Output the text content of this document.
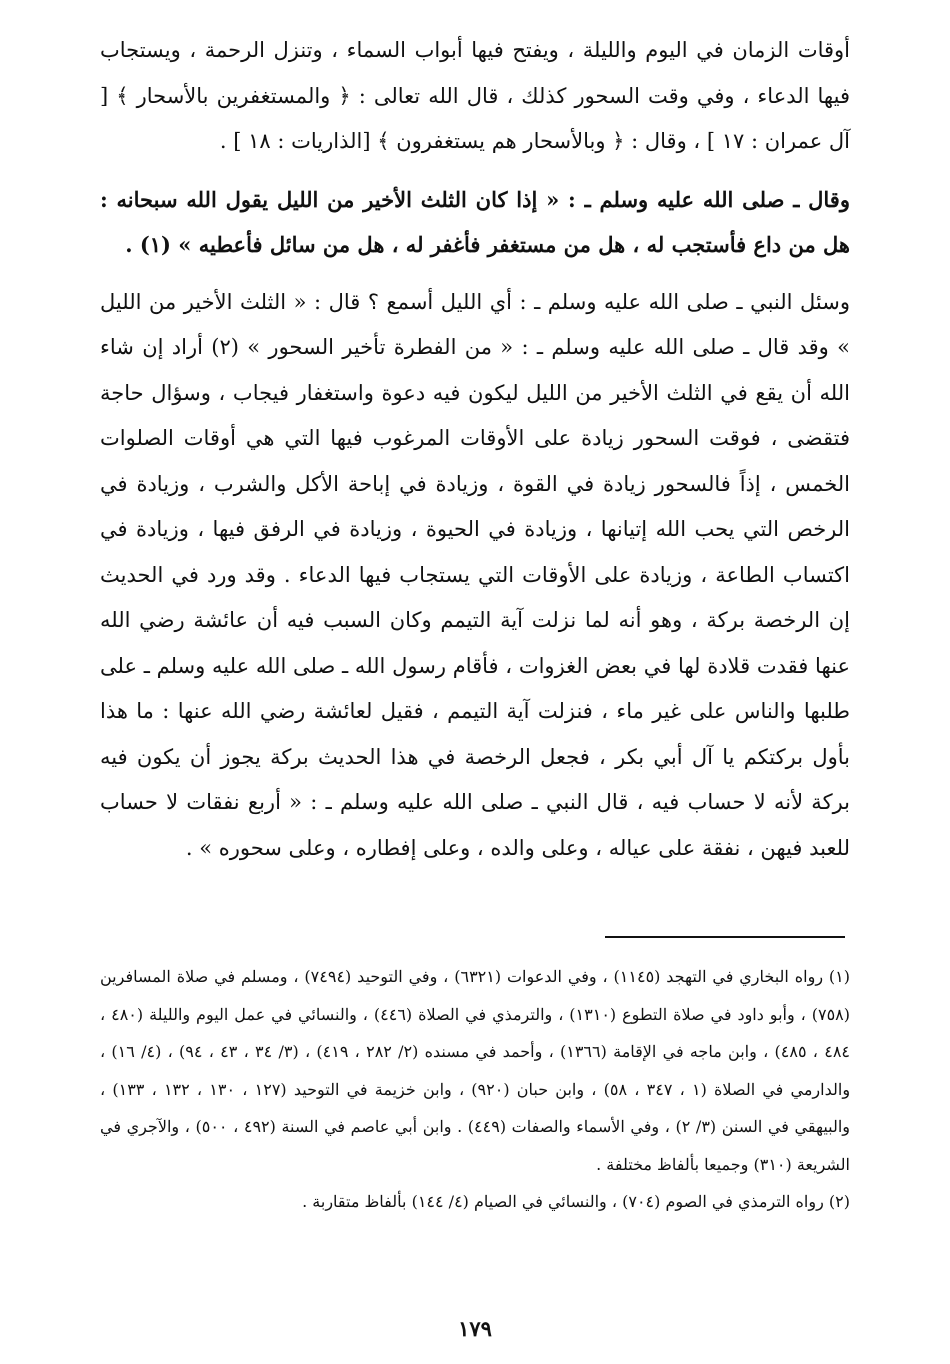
أوقات الزمان في اليوم والليلة ، ويفتح فيها أبواب السماء ، وتنزل الرحمة ، ويستجاب فيها الدعاء ، وفي وقت السحور كذلك ، قال الله تعالى : ﴿ والمستغفرين بالأسحار ﴾ [ آل عمران : ١٧ ] ، وقال : ﴿ وبالأسحار هم يستغفرون ﴾ [الذاريات : ١٨ ] .

وقال ـ صلى الله عليه وسلم ـ : « إذا كان الثلث الأخير من الليل يقول الله سبحانه : هل من داع فأستجب له ، هل من مستغفر فأغفر له ، هل من سائل فأعطيه » (١) .

وسئل النبي ـ صلى الله عليه وسلم ـ : أي الليل أسمع ؟ قال : « الثلث الأخير من الليل » وقد قال ـ صلى الله عليه وسلم ـ : « من الفطرة تأخير السحور » (٢) أراد إن شاء الله أن يقع في الثلث الأخير من الليل ليكون فيه دعوة واستغفار فيجاب ، وسؤال حاجة فتقضى ، فوقت السحور زيادة على الأوقات المرغوب فيها التي هي أوقات الصلوات الخمس ، إذاً فالسحور زيادة في القوة ، وزيادة في إباحة الأكل والشرب ، وزيادة في الرخص التي يحب الله إتيانها ، وزيادة في الحيوة ، وزيادة في الرفق فيها ، وزيادة في اكتساب الطاعة ، وزيادة على الأوقات التي يستجاب فيها الدعاء . وقد ورد في الحديث إن الرخصة بركة ، وهو أنه لما نزلت آية التيمم وكان السبب فيه أن عائشة رضي الله عنها فقدت قلادة لها في بعض الغزوات ، فأقام رسول الله ـ صلى الله عليه وسلم ـ على طلبها والناس على غير ماء ، فنزلت آية التيمم ، فقيل لعائشة رضي الله عنها : ما هذا بأول بركتكم يا آل أبي بكر ، فجعل الرخصة في هذا الحديث بركة يجوز أن يكون فيه بركة لأنه لا حساب فيه ، قال النبي ـ صلى الله عليه وسلم ـ : « أربع نفقات لا حساب للعبد فيهن ، نفقة على عياله ، وعلى والده ، وعلى إفطاره ، وعلى سحوره » .

(١) رواه البخاري في التهجد (١١٤٥) ، وفي الدعوات (٦٣٢١) ، وفي التوحيد (٧٤٩٤) ، ومسلم في صلاة المسافرين (٧٥٨) ، وأبو داود في صلاة التطوع (١٣١٠) ، والترمذي في الصلاة (٤٤٦) ، والنسائي في عمل اليوم والليلة (٤٨٠ ، ٤٨٤ ، ٤٨٥) ، وابن ماجه في الإقامة (١٣٦٦) ، وأحمد في مسنده (٢/ ٢٨٢ ، ٤١٩) ، (٣/ ٣٤ ، ٤٣ ، ٩٤) ، (٤/ ١٦) ، والدارمي في الصلاة (١ ، ٣٤٧ ، ٥٨) ، وابن حبان (٩٢٠) ، وابن خزيمة في التوحيد (١٢٧ ، ١٣٠ ، ١٣٢ ، ١٣٣) ، والبيهقي في السنن (٣/ ٢) ، وفي الأسماء والصفات (٤٤٩) . وابن أبي عاصم في السنة (٤٩٢ ، ٥٠٠) ، والآجري في الشريعة (٣١٠) وجميعا بألفاظ مختلفة .

(٢) رواه الترمذي في الصوم (٧٠٤) ، والنسائي في الصيام (٤/ ١٤٤) بألفاظ متقاربة .

١٧٩
